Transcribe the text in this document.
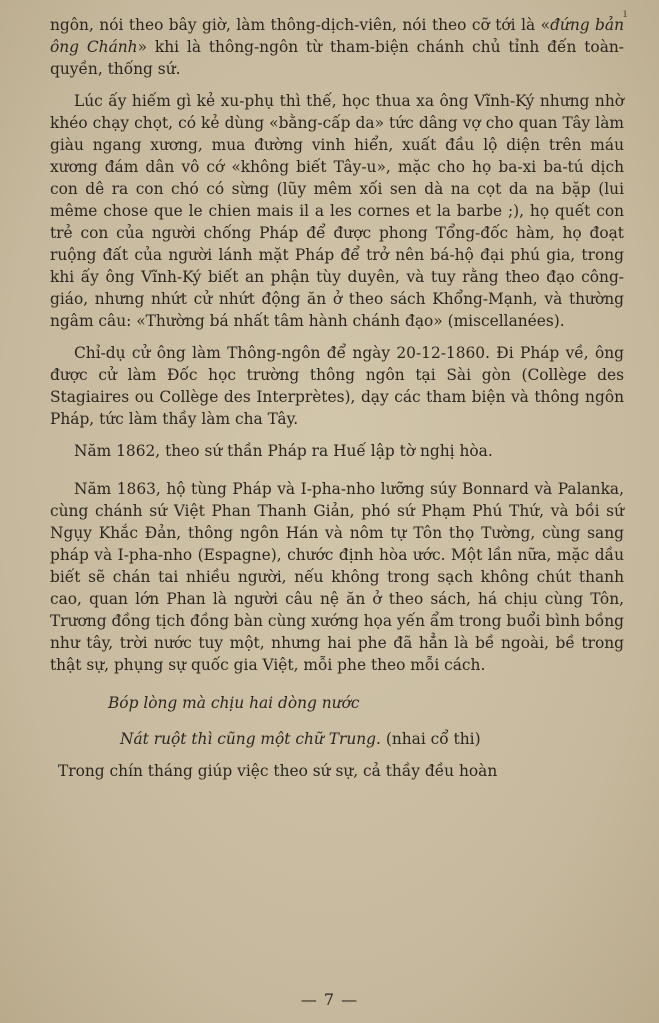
ı

ngôn, nói theo bây giờ, làm thông-dịch-viên, nói theo cỡ tới là «đứng bản ông Chánh» khi là thông-ngôn từ tham-biện chánh chủ tỉnh đến toàn-quyền, thống sứ.

Lúc ấy hiếm gì kẻ xu-phụ thì thế, học thua xa ông Vĩnh-Ký nhưng nhờ khéo chạy chọt, có kẻ dùng «bằng-cấp da» tức dâng vợ cho quan Tây làm giàu ngang xương, mua đường vinh hiển, xuất đầu lộ diện trên máu xương đám dân vô cớ «không biết Tây-u», mặc cho họ ba-xi ba-tú dịch con dê ra con chó có sừng (lũy mêm xối sen dà na cọt da na bặp (lui même chose que le chien mais il a les cornes et la barbe ;), họ quết con trẻ con của người chống Pháp để được phong Tổng-đốc hàm, họ đoạt ruộng đất của người lánh mặt Pháp để trở nên bá-hộ đại phú gia, trong khi ấy ông Vĩnh-Ký biết an phận tùy duyên, và tuy rằng theo đạo công-giáo, nhưng nhứt cử nhứt động ăn ở theo sách Khổng-Mạnh, và thường ngâm câu: «Thường bá nhất tâm hành chánh đạo» (miscellanées).

Chỉ-dụ cử ông làm Thông-ngôn để ngày 20-12-1860. Đi Pháp về, ông được cử làm Đốc học trường thông ngôn tại Sài gòn (Collège des Stagiaires ou Collège des Interprètes), dạy các tham biện và thông ngôn Pháp, tức làm thầy làm cha Tây.

Năm 1862, theo sứ thần Pháp ra Huế lập tờ nghị hòa.

Năm 1863, hộ tùng Pháp và I-pha-nho lưỡng súy Bonnard và Palanka, cùng chánh sứ Việt Phan Thanh Giản, phó sứ Phạm Phú Thứ, và bồi sứ Ngụy Khắc Đản, thông ngôn Hán và nôm tự Tôn thọ Tường, cùng sang pháp và I-pha-nho (Espagne), chước định hòa ước. Một lần nữa, mặc dầu biết sẽ chán tai nhiều người, nếu không trong sạch không chút thanh cao, quan lớn Phan là người câu nệ ăn ở theo sách, há chịu cùng Tôn, Trương đồng tịch đồng bàn cùng xướng họa yến ẩm trong buổi bình bồng như tây, trời nước tuy một, nhưng hai phe đã hẳn là bề ngoài, bề trong thật sự, phụng sự quốc gia Việt, mỗi phe theo mỗi cách.

Bóp lòng mà chịu hai dòng nước

Nát ruột thì cũng một chữ Trung. (nhai cổ thi)

Trong chín tháng giúp việc theo sứ sự, cả thầy đều hoàn

— 7 —
